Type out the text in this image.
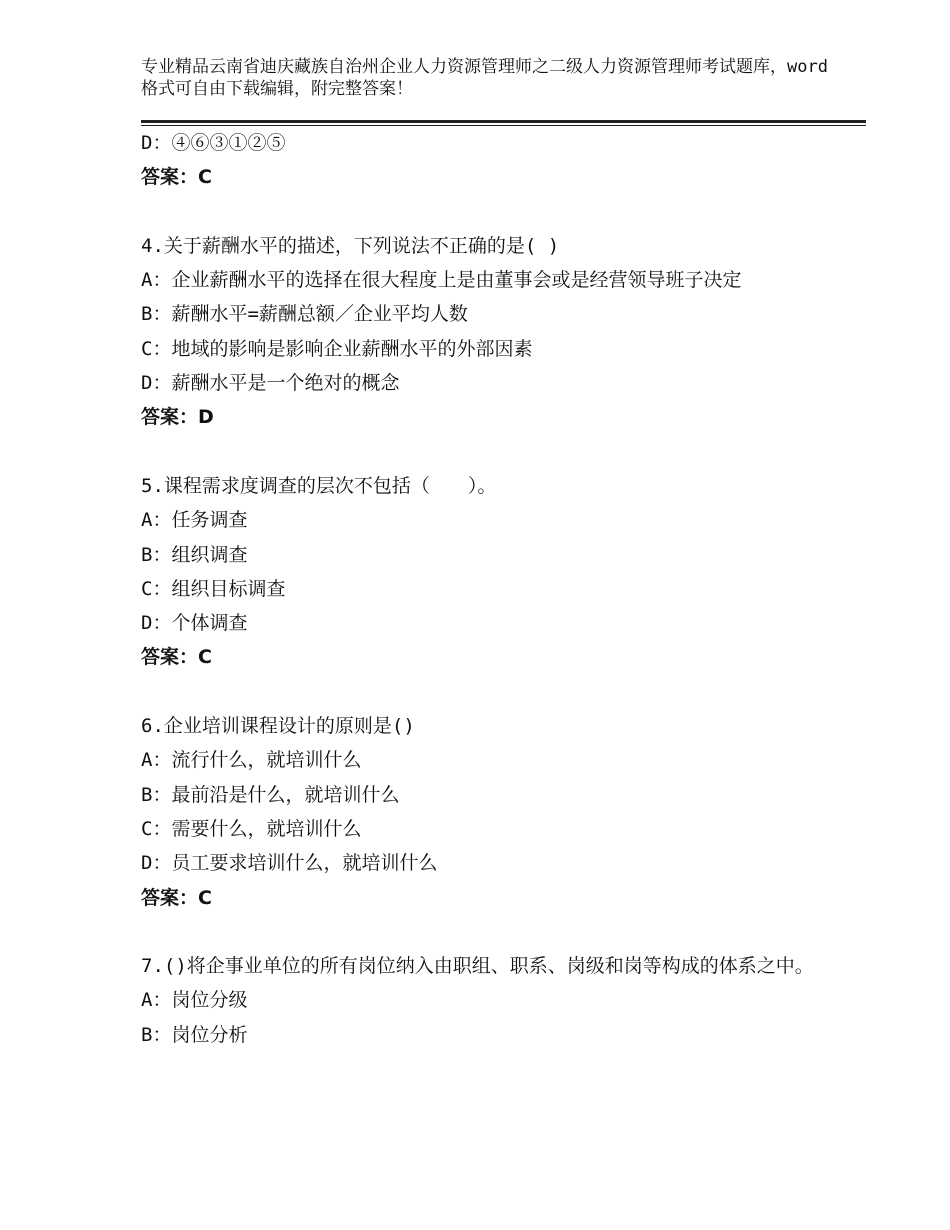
专业精品云南省迪庆藏族自治州企业人力资源管理师之二级人力资源管理师考试题库，word格式可自由下载编辑，附完整答案！
D：④⑥③①②⑤
答案：C
4.关于薪酬水平的描述，下列说法不正确的是( )
A：企业薪酬水平的选择在很大程度上是由董事会或是经营领导班子决定
B：薪酬水平=薪酬总额／企业平均人数
C：地域的影响是影响企业薪酬水平的外部因素
D：薪酬水平是一个绝对的概念
答案：D
5.课程需求度调查的层次不包括（　　）。
A：任务调查
B：组织调查
C：组织目标调查
D：个体调查
答案：C
6.企业培训课程设计的原则是()
A：流行什么，就培训什么
B：最前沿是什么，就培训什么
C：需要什么，就培训什么
D：员工要求培训什么，就培训什么
答案：C
7.()将企事业单位的所有岗位纳入由职组、职系、岗级和岗等构成的体系之中。
A：岗位分级
B：岗位分析
